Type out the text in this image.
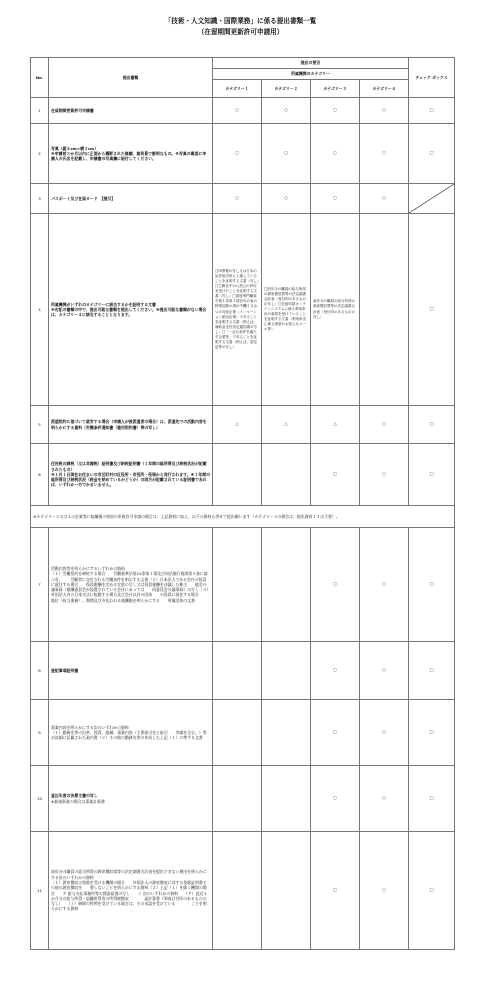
「技術・人文知識・国際業務」に係る提出書類一覧
（在留期間更新許可申請用）
No.	提出書類	提出の要否				チェック ボックス
		所属機関のカテゴリー				
		カテゴリー１	カテゴリー２	カテゴリー３	カテゴリー４	
1	在留期間更新許可申請書	○	○	○	○	□
2	写真（縦４cm×横３cm）
※申請前３か月以内に正面から撮影された無帽、無背景で鮮明なもの。※写真の裏面に申請人の氏名を記載し、申請書の写真欄に貼付してください。	○	○	○	○	□
3	パスポート及び在留カード　【提示】	○	○	○	○	

4	所属機関がいずれのカテゴリーに該当するかを証明する文書
※右記の書類の中で、提出可能な書類を提出してください。※提出可能な書類がない場合は、カテゴリー４に該当することとなります。	□四季報の写し又は日本の証券取引所に上場していることを証明する文書（写し）□主務官庁から設立の許可を受けたことを証明する文書（写し）□高度専門職省令第１条第１項各号の表の特別加算の項の中欄イ又はロの対象企業（イノベーション創出企業）であることを証明する文書（例えば、補助金交付決定通知書の写し）□「一定の条件を満たす企業等」であることを証明する文書（例えば、認定証等の写し）	□前年分の職員の給与所得の源泉徴収票等の法定調書合計表（受付印のあるものの写し）□在留申請オンラインシステムに係る利用申出の承認を受けていることを証明する文書（利用申出に係る承認のお知らせメール等）	前年分の職員の給与所得の源泉徴収票等の法定調書合計表（受付印のあるものの写し）		□
5	派遣契約に基づいて就労する場合（申請人が被派遣者の場合）は、派遣先での活動内容を明らかにする資料（労働条件通知書（雇用契約書）等の写し）	△	△	△	○	□
6	住民税の課税（又は非課税）証明書及び納税証明書（１年間の総所得及び納税状況が記載されたもの）
※１月１日現在お住まいの市区町村の区役所・市役所・役場から発行されます。※１年間の総所得及び納税状況（税金を納めているかどうか）の両方が記載されている証明書であれば、いずれか一方でかまいません。			○	○	□
※カテゴリー３又は４の企業等に転職後の初回の更新許可申請の場合は、上記資料に加え、以下の資料も併せて提出願います（カテゴリー３の場合は、提出資料１２は不要）。						
7	活動内容等を明らかにするいずれかの資料
（１）労働契約を締結する場合　　労働基準法第15条第１項及び同法施行規則第５条に基づき、　　労働者に交付される労働条件を明示する文書（２）日本法人である会社の役員に就任する場合　　役員報酬を定める定款の写し又は役員報酬を決議した株主　　総会の議事録（報酬委員会が設置されている会社にあっては　　同委員会の議事録）の写し（３）外国法人内の日本支店に転勤する場合及び会社以外の団体　　の役員に就任する場合　　地位（担当業務）、期間及び支払われる報酬額を明らかにする　　所属団体の文書			○	○	□
8	登記事項証明書			○	○	□
9	事業内容を明らかにする次のいずれかの資料
（１）勤務先等の沿革、役員、組織、事業内容（主要取引先と取引　　実績を含む。）等が詳細に記載された案内書（２）その他の勤務先等の作成した上記（１）に準ずる文書			○	○	□
10	直近年度の決算文書の写し
※新規事業の場合は事業計画書			○	○	□
11	前年分の職員の給与所得の源泉徴収票等の法定調書合計表を提出できない理由を明らかにする次のいずれかの資料
（１）源泉徴収の免除を受ける機関の場合　　外国法人の源泉徴収に対する免除証明書その他の源泉徴収を　　要しないことを明らかにする資料（２）上記（１）を除く機関の場合　　ア 給与支払事務所等の開設届書の写し　　イ 次のいずれかの資料　　（ア）直近３か月分の給与所得・退職所得等の所得税徴収　　　　高計算書（領収日付印のあるものの写し）　　（イ）納期の特例を受けている場合は、その承認を受けている　　　　ことを明らかにする資料			○	○	□
